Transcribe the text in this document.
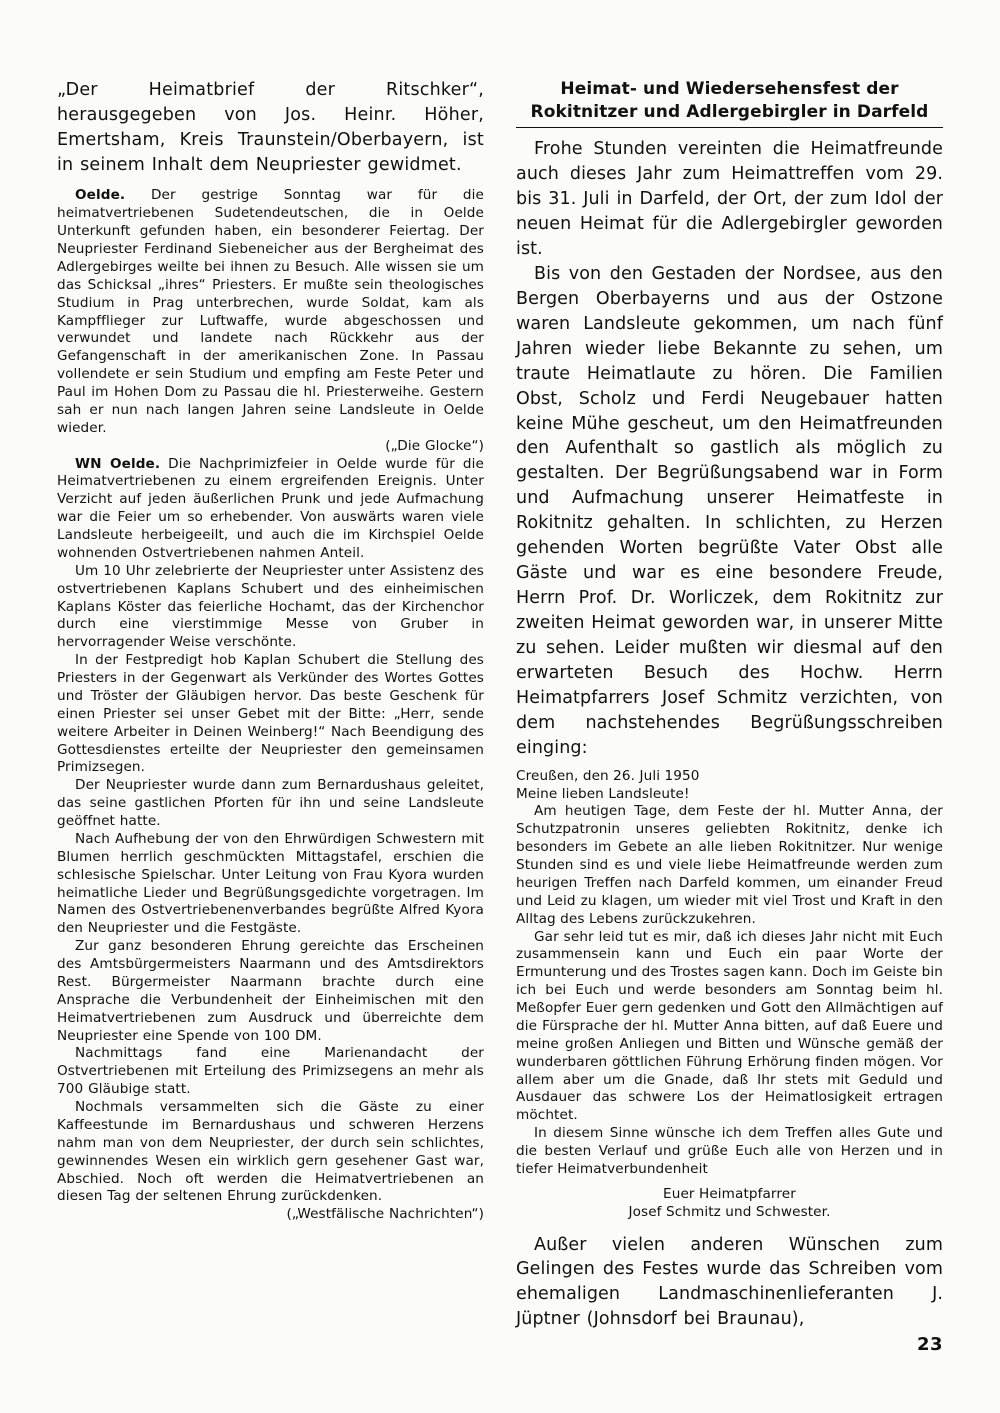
„Der Heimatbrief der Ritschker“, herausgegeben von Jos. Heinr. Höher, Emertsham, Kreis Traunstein/Oberbayern, ist in seinem Inhalt dem Neupriester gewidmet.

Oelde. Der gestrige Sonntag war für die heimatvertriebenen Sudetendeutschen, die in Oelde Unterkunft gefunden haben, ein besonderer Feiertag. Der Neupriester Ferdinand Siebeneicher aus der Bergheimat des Adlergebirges weilte bei ihnen zu Besuch. Alle wissen sie um das Schicksal „ihres“ Priesters. Er mußte sein theologisches Studium in Prag unterbrechen, wurde Soldat, kam als Kampfflieger zur Luftwaffe, wurde abgeschossen und verwundet und landete nach Rückkehr aus der Gefangenschaft in der amerikanischen Zone. In Passau vollendete er sein Studium und empfing am Feste Peter und Paul im Hohen Dom zu Passau die hl. Priesterweihe. Gestern sah er nun nach langen Jahren seine Landsleute in Oelde wieder.

(„Die Glocke“)

WN Oelde. Die Nachprimizfeier in Oelde wurde für die Heimatvertriebenen zu einem ergreifenden Ereignis. Unter Verzicht auf jeden äußerlichen Prunk und jede Aufmachung war die Feier um so erhebender. Von auswärts waren viele Landsleute herbeigeeilt, und auch die im Kirchspiel Oelde wohnenden Ostvertriebenen nahmen Anteil.

Um 10 Uhr zelebrierte der Neupriester unter Assistenz des ostvertriebenen Kaplans Schubert und des einheimischen Kaplans Köster das feierliche Hochamt, das der Kirchenchor durch eine vierstimmige Messe von Gruber in hervorragender Weise verschönte.

In der Festpredigt hob Kaplan Schubert die Stellung des Priesters in der Gegenwart als Verkünder des Wortes Gottes und Tröster der Gläubigen hervor. Das beste Geschenk für einen Priester sei unser Gebet mit der Bitte: „Herr, sende weitere Arbeiter in Deinen Weinberg!“ Nach Beendigung des Gottesdienstes erteilte der Neupriester den gemeinsamen Primizsegen.

Der Neupriester wurde dann zum Bernardushaus geleitet, das seine gastlichen Pforten für ihn und seine Landsleute geöffnet hatte.

Nach Aufhebung der von den Ehrwürdigen Schwestern mit Blumen herrlich geschmückten Mittagstafel, erschien die schlesische Spielschar. Unter Leitung von Frau Kyora wurden heimatliche Lieder und Begrüßungsgedichte vorgetragen. Im Namen des Ostvertriebenenverbandes begrüßte Alfred Kyora den Neupriester und die Festgäste.

Zur ganz besonderen Ehrung gereichte das Erscheinen des Amtsbürgermeisters Naarmann und des Amtsdirektors Rest. Bürgermeister Naarmann brachte durch eine Ansprache die Verbundenheit der Einheimischen mit den Heimatvertriebenen zum Ausdruck und überreichte dem Neupriester eine Spende von 100 DM.

Nachmittags fand eine Marienandacht der Ostvertriebenen mit Erteilung des Primizsegens an mehr als 700 Gläubige statt.

Nochmals versammelten sich die Gäste zu einer Kaffeestunde im Bernardushaus und schweren Herzens nahm man von dem Neupriester, der durch sein schlichtes, gewinnendes Wesen ein wirklich gern gesehener Gast war, Abschied. Noch oft werden die Heimatvertriebenen an diesen Tag der seltenen Ehrung zurückdenken.

(„Westfälische Nachrichten“)

Heimat- und Wiedersehensfest der
Rokitnitzer und Adlergebirgler in Darfeld

Frohe Stunden vereinten die Heimatfreunde auch dieses Jahr zum Heimattreffen vom 29. bis 31. Juli in Darfeld, der Ort, der zum Idol der neuen Heimat für die Adlergebirgler geworden ist.

Bis von den Gestaden der Nordsee, aus den Bergen Oberbayerns und aus der Ostzone waren Landsleute gekommen, um nach fünf Jahren wieder liebe Bekannte zu sehen, um traute Heimatlaute zu hören. Die Familien Obst, Scholz und Ferdi Neugebauer hatten keine Mühe gescheut, um den Heimatfreunden den Aufenthalt so gastlich als möglich zu gestalten. Der Begrüßungsabend war in Form und Aufmachung unserer Heimatfeste in Rokitnitz gehalten. In schlichten, zu Herzen gehenden Worten begrüßte Vater Obst alle Gäste und war es eine besondere Freude, Herrn Prof. Dr. Worliczek, dem Rokitnitz zur zweiten Heimat geworden war, in unserer Mitte zu sehen. Leider mußten wir diesmal auf den erwarteten Besuch des Hochw. Herrn Heimatpfarrers Josef Schmitz verzichten, von dem nachstehendes Begrüßungsschreiben einging:

Creußen, den 26. Juli 1950

Meine lieben Landsleute!

Am heutigen Tage, dem Feste der hl. Mutter Anna, der Schutzpatronin unseres geliebten Rokitnitz, denke ich besonders im Gebete an alle lieben Rokitnitzer. Nur wenige Stunden sind es und viele liebe Heimatfreunde werden zum heurigen Treffen nach Darfeld kommen, um einander Freud und Leid zu klagen, um wieder mit viel Trost und Kraft in den Alltag des Lebens zurückzukehren.

Gar sehr leid tut es mir, daß ich dieses Jahr nicht mit Euch zusammensein kann und Euch ein paar Worte der Ermunterung und des Trostes sagen kann. Doch im Geiste bin ich bei Euch und werde besonders am Sonntag beim hl. Meßopfer Euer gern gedenken und Gott den Allmächtigen auf die Fürsprache der hl. Mutter Anna bitten, auf daß Euere und meine großen Anliegen und Bitten und Wünsche gemäß der wunderbaren göttlichen Führung Erhörung finden mögen. Vor allem aber um die Gnade, daß Ihr stets mit Geduld und Ausdauer das schwere Los der Heimatlosigkeit ertragen möchtet.

In diesem Sinne wünsche ich dem Treffen alles Gute und die besten Verlauf und grüße Euch alle von Herzen und in tiefer Heimatverbundenheit

Euer Heimatpfarrer

Josef Schmitz und Schwester.

Außer vielen anderen Wünschen zum Gelingen des Festes wurde das Schreiben vom ehemaligen Landmaschinenlieferanten J. Jüptner (Johnsdorf bei Braunau),

23
